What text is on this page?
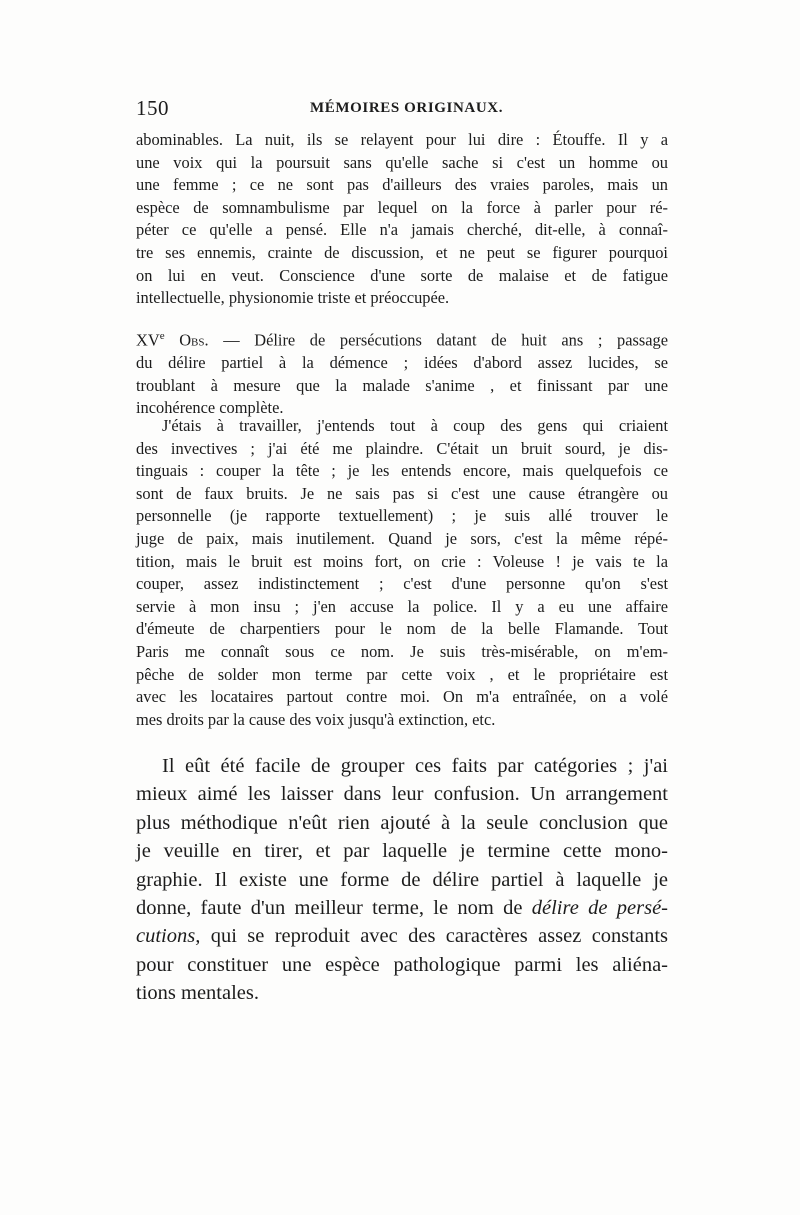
150	MÉMOIRES ORIGINAUX.
abominables. La nuit, ils se relayent pour lui dire : Étouffe. Il y a
une voix qui la poursuit sans qu'elle sache si c'est un homme ou
une femme ; ce ne sont pas d'ailleurs des vraies paroles, mais un
espèce de somnambulisme par lequel on la force à parler pour ré-
péter ce qu'elle a pensé. Elle n'a jamais cherché, dit-elle, à connaî-
tre ses ennemis, crainte de discussion, et ne peut se figurer pourquoi
on lui en veut. Conscience d'une sorte de malaise et de fatigue
intellectuelle, physionomie triste et préoccupée.
XVe Obs. — Délire de persécutions datant de huit ans ; passage
du délire partiel à la démence ; idées d'abord assez lucides, se
troublant à mesure que la malade s'anime , et finissant par une
incohérence complète.
J'étais à travailler, j'entends tout à coup des gens qui criaient
des invectives ; j'ai été me plaindre. C'était un bruit sourd, je dis-
tinguais : couper la tête ; je les entends encore, mais quelquefois ce
sont de faux bruits. Je ne sais pas si c'est une cause étrangère ou
personnelle (je rapporte textuellement) ; je suis allé trouver le
juge de paix, mais inutilement. Quand je sors, c'est la même répé-
tition, mais le bruit est moins fort, on crie : Voleuse ! je vais te la
couper, assez indistinctement ; c'est d'une personne qu'on s'est
servie à mon insu ; j'en accuse la police. Il y a eu une affaire
d'émeute de charpentiers pour le nom de la belle Flamande. Tout
Paris me connaît sous ce nom. Je suis très-misérable, on m'em-
pêche de solder mon terme par cette voix , et le propriétaire est
avec les locataires partout contre moi. On m'a entraînée, on a volé
mes droits par la cause des voix jusqu'à extinction, etc.
Il eût été facile de grouper ces faits par catégories ; j'ai
mieux aimé les laisser dans leur confusion. Un arrangement
plus méthodique n'eût rien ajouté à la seule conclusion que
je veuille en tirer, et par laquelle je termine cette mono-
graphie. Il existe une forme de délire partiel à laquelle je
donne, faute d'un meilleur terme, le nom de délire de persé-
cutions, qui se reproduit avec des caractères assez constants
pour constituer une espèce pathologique parmi les aliéna-
tions mentales.
